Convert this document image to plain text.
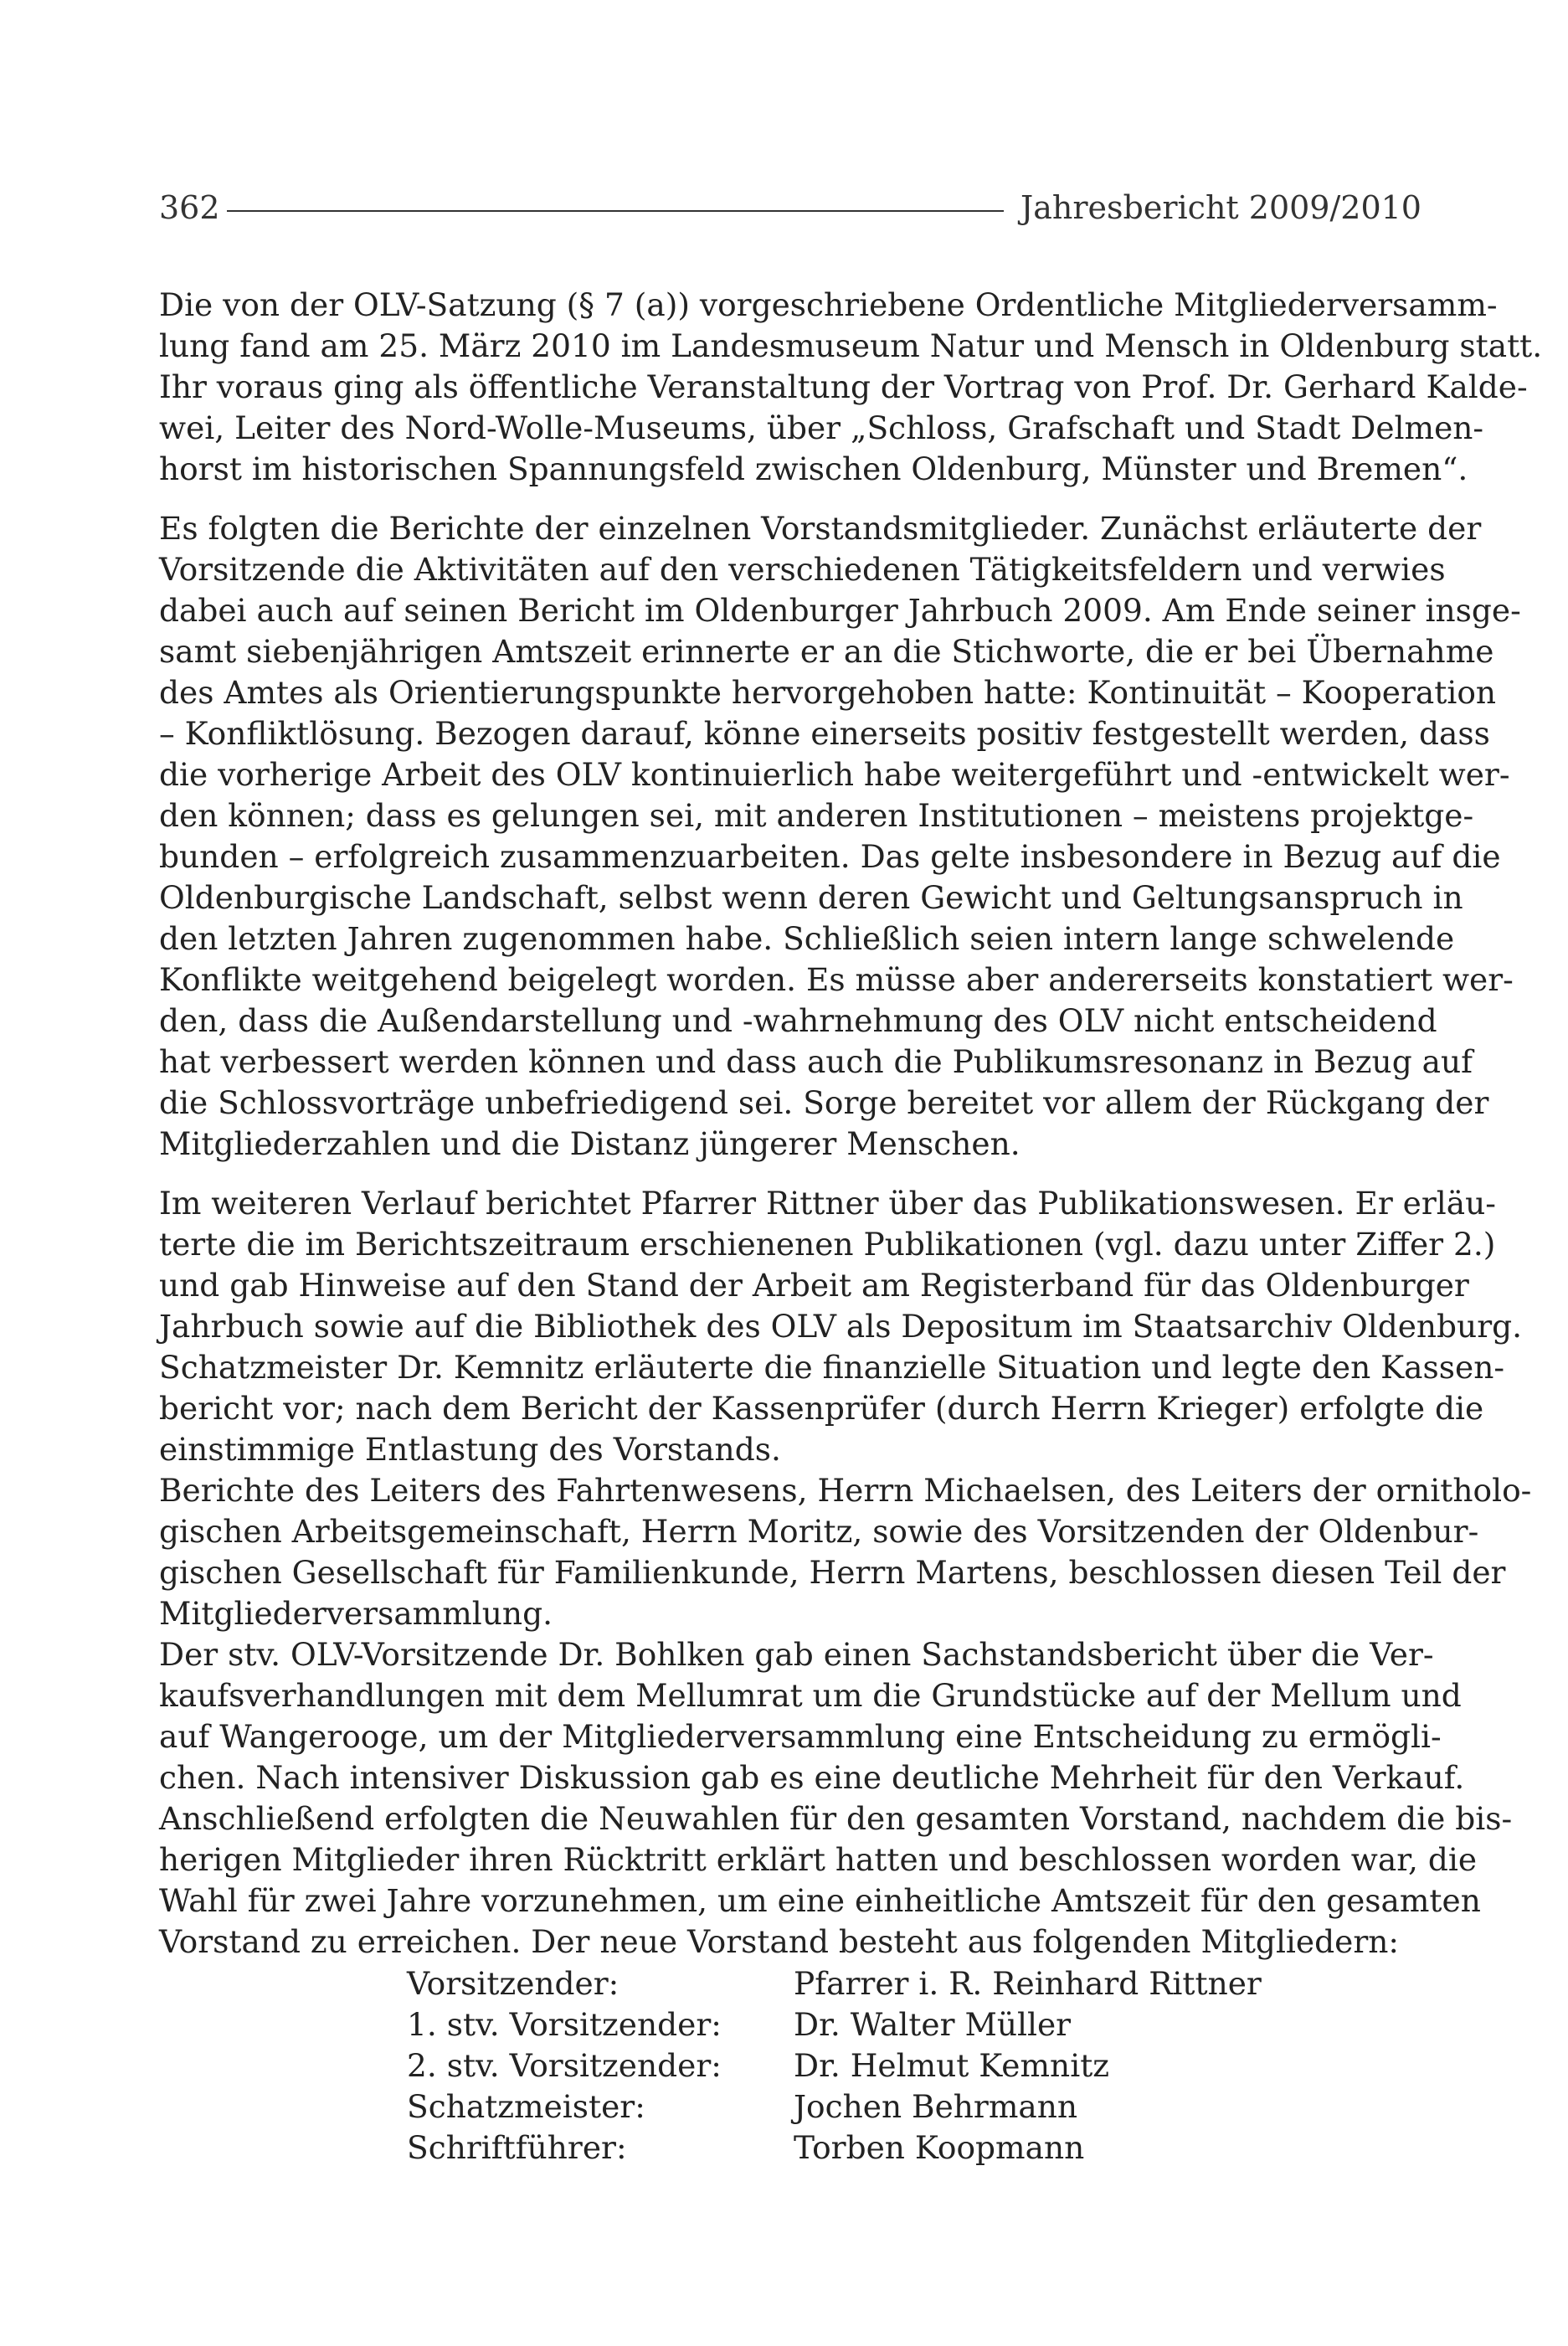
362	Jahresbericht 2009/2010
Die von der OLV-Satzung (§ 7 (a)) vorgeschriebene Ordentliche Mitgliederversamm-
lung fand am 25. März 2010 im Landesmuseum Natur und Mensch in Oldenburg statt.
Ihr voraus ging als öffentliche Veranstaltung der Vortrag von Prof. Dr. Gerhard Kalde-
wei, Leiter des Nord-Wolle-Museums, über „Schloss, Grafschaft und Stadt Delmen-
horst im historischen Spannungsfeld zwischen Oldenburg, Münster und Bremen“.
Es folgten die Berichte der einzelnen Vorstandsmitglieder. Zunächst erläuterte der
Vorsitzende die Aktivitäten auf den verschiedenen Tätigkeitsfeldern und verwies
dabei auch auf seinen Bericht im Oldenburger Jahrbuch 2009. Am Ende seiner insge-
samt siebenjährigen Amtszeit erinnerte er an die Stichworte, die er bei Übernahme
des Amtes als Orientierungspunkte hervorgehoben hatte: Kontinuität – Kooperation
– Konfliktlösung. Bezogen darauf, könne einerseits positiv festgestellt werden, dass
die vorherige Arbeit des OLV kontinuierlich habe weitergeführt und -entwickelt wer-
den können; dass es gelungen sei, mit anderen Institutionen – meistens projektge-
bunden – erfolgreich zusammenzuarbeiten. Das gelte insbesondere in Bezug auf die
Oldenburgische Landschaft, selbst wenn deren Gewicht und Geltungsanspruch in
den letzten Jahren zugenommen habe. Schließlich seien intern lange schwelende
Konflikte weitgehend beigelegt worden. Es müsse aber andererseits konstatiert wer-
den, dass die Außendarstellung und -wahrnehmung des OLV nicht entscheidend
hat verbessert werden können und dass auch die Publikumsresonanz in Bezug auf
die Schlossvorträge unbefriedigend sei. Sorge bereitet vor allem der Rückgang der
Mitgliederzahlen und die Distanz jüngerer Menschen.
Im weiteren Verlauf berichtet Pfarrer Rittner über das Publikationswesen. Er erläu-
terte die im Berichtszeitraum erschienenen Publikationen (vgl. dazu unter Ziffer 2.)
und gab Hinweise auf den Stand der Arbeit am Registerband für das Oldenburger
Jahrbuch sowie auf die Bibliothek des OLV als Depositum im Staatsarchiv Oldenburg.
Schatzmeister Dr. Kemnitz erläuterte die finanzielle Situation und legte den Kassen-
bericht vor; nach dem Bericht der Kassenprüfer (durch Herrn Krieger) erfolgte die
einstimmige Entlastung des Vorstands.
Berichte des Leiters des Fahrtenwesens, Herrn Michaelsen, des Leiters der ornitholo-
gischen Arbeitsgemeinschaft, Herrn Moritz, sowie des Vorsitzenden der Oldenbur-
gischen Gesellschaft für Familienkunde, Herrn Martens, beschlossen diesen Teil der
Mitgliederversammlung.
Der stv. OLV-Vorsitzende Dr. Bohlken gab einen Sachstandsbericht über die Ver-
kaufsverhandlungen mit dem Mellumrat um die Grundstücke auf der Mellum und
auf Wangerooge, um der Mitgliederversammlung eine Entscheidung zu ermögli-
chen. Nach intensiver Diskussion gab es eine deutliche Mehrheit für den Verkauf.
Anschließend erfolgten die Neuwahlen für den gesamten Vorstand, nachdem die bis-
herigen Mitglieder ihren Rücktritt erklärt hatten und beschlossen worden war, die
Wahl für zwei Jahre vorzunehmen, um eine einheitliche Amtszeit für den gesamten
Vorstand zu erreichen. Der neue Vorstand besteht aus folgenden Mitgliedern:
Vorsitzender:	Pfarrer i. R. Reinhard Rittner
1. stv. Vorsitzender:	Dr. Walter Müller
2. stv. Vorsitzender:	Dr. Helmut Kemnitz
Schatzmeister:	Jochen Behrmann
Schriftführer:	Torben Koopmann
